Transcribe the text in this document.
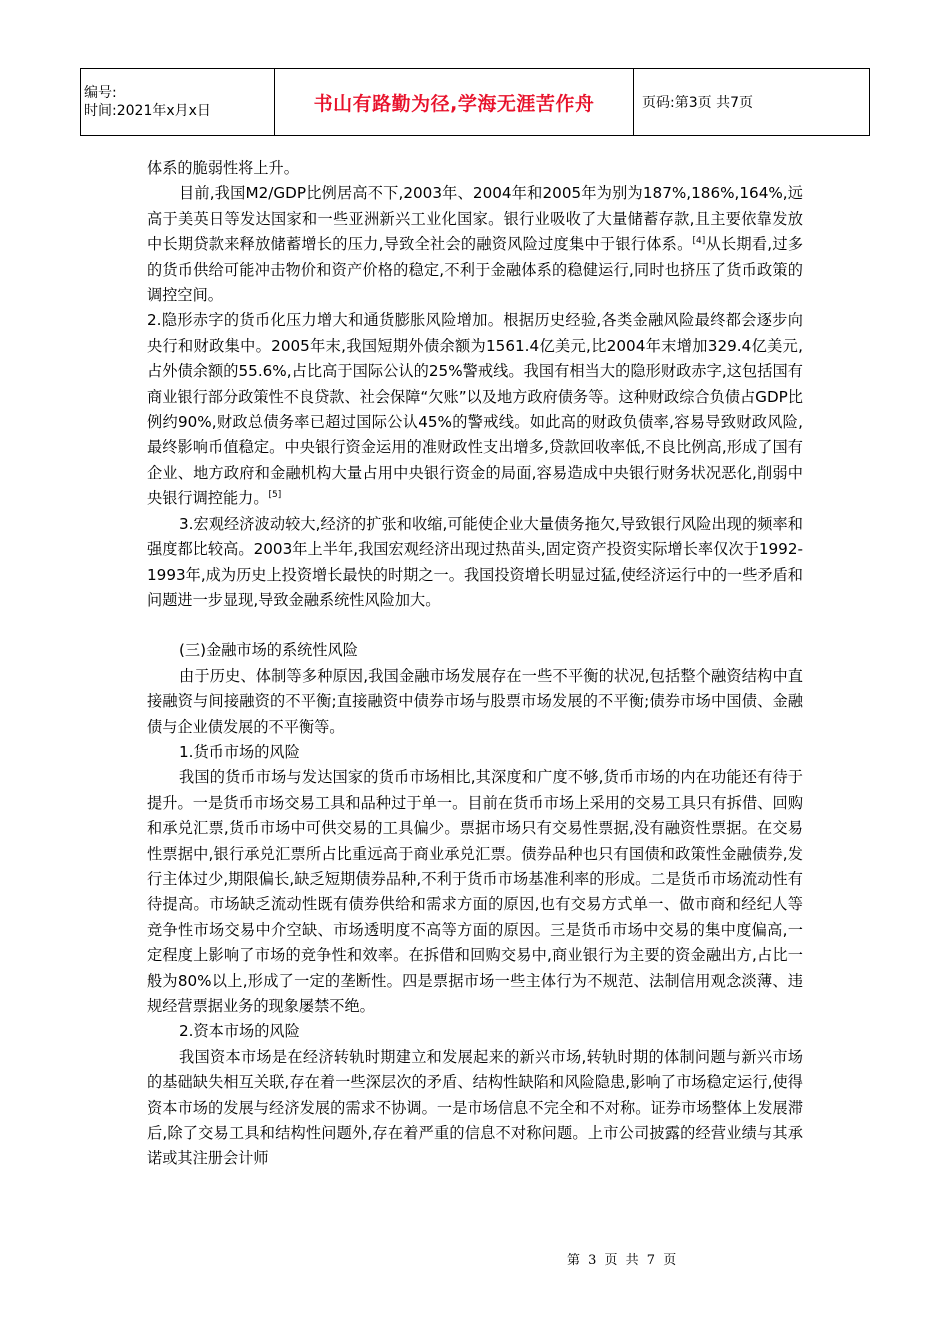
编号:
时间:2021年x月x日	书山有路勤为径,学海无涯苦作舟	页码:第3页 共7页

体系的脆弱性将上升。

目前,我国M2/GDP比例居高不下,2003年、2004年和2005年为别为187%,186%,164%,远高于美英日等发达国家和一些亚洲新兴工业化国家。银行业吸收了大量储蓄存款,且主要依靠发放中长期贷款来释放储蓄增长的压力,导致全社会的融资风险过度集中于银行体系。[4]从长期看,过多的货币供给可能冲击物价和资产价格的稳定,不利于金融体系的稳健运行,同时也挤压了货币政策的调控空间。

2.隐形赤字的货币化压力增大和通货膨胀风险增加。根据历史经验,各类金融风险最终都会逐步向央行和财政集中。2005年末,我国短期外债余额为1561.4亿美元,比2004年末增加329.4亿美元,占外债余额的55.6%,占比高于国际公认的25%警戒线。我国有相当大的隐形财政赤字,这包括国有商业银行部分政策性不良贷款、社会保障“欠账”以及地方政府债务等。这种财政综合负债占GDP比例约90%,财政总债务率已超过国际公认45%的警戒线。如此高的财政负债率,容易导致财政风险,最终影响币值稳定。中央银行资金运用的准财政性支出增多,贷款回收率低,不良比例高,形成了国有企业、地方政府和金融机构大量占用中央银行资金的局面,容易造成中央银行财务状况恶化,削弱中央银行调控能力。[5]

3.宏观经济波动较大,经济的扩张和收缩,可能使企业大量债务拖欠,导致银行风险出现的频率和强度都比较高。2003年上半年,我国宏观经济出现过热苗头,固定资产投资实际增长率仅次于1992-1993年,成为历史上投资增长最快的时期之一。我国投资增长明显过猛,使经济运行中的一些矛盾和问题进一步显现,导致金融系统性风险加大。

(三)金融市场的系统性风险

由于历史、体制等多种原因,我国金融市场发展存在一些不平衡的状况,包括整个融资结构中直接融资与间接融资的不平衡;直接融资中债券市场与股票市场发展的不平衡;债券市场中国债、金融债与企业债发展的不平衡等。

1.货币市场的风险

我国的货币市场与发达国家的货币市场相比,其深度和广度不够,货币市场的内在功能还有待于提升。一是货币市场交易工具和品种过于单一。目前在货币市场上采用的交易工具只有拆借、回购和承兑汇票,货币市场中可供交易的工具偏少。票据市场只有交易性票据,没有融资性票据。在交易性票据中,银行承兑汇票所占比重远高于商业承兑汇票。债券品种也只有国债和政策性金融债券,发行主体过少,期限偏长,缺乏短期债券品种,不利于货币市场基准利率的形成。二是货币市场流动性有待提高。市场缺乏流动性既有债券供给和需求方面的原因,也有交易方式单一、做市商和经纪人等竞争性市场交易中介空缺、市场透明度不高等方面的原因。三是货币市场中交易的集中度偏高,一定程度上影响了市场的竞争性和效率。在拆借和回购交易中,商业银行为主要的资金融出方,占比一般为80%以上,形成了一定的垄断性。四是票据市场一些主体行为不规范、法制信用观念淡薄、违规经营票据业务的现象屡禁不绝。

2.资本市场的风险

我国资本市场是在经济转轨时期建立和发展起来的新兴市场,转轨时期的体制问题与新兴市场的基础缺失相互关联,存在着一些深层次的矛盾、结构性缺陷和风险隐患,影响了市场稳定运行,使得资本市场的发展与经济发展的需求不协调。一是市场信息不完全和不对称。证券市场整体上发展滞后,除了交易工具和结构性问题外,存在着严重的信息不对称问题。上市公司披露的经营业绩与其承诺或其注册会计师

第 3 页 共 7 页
